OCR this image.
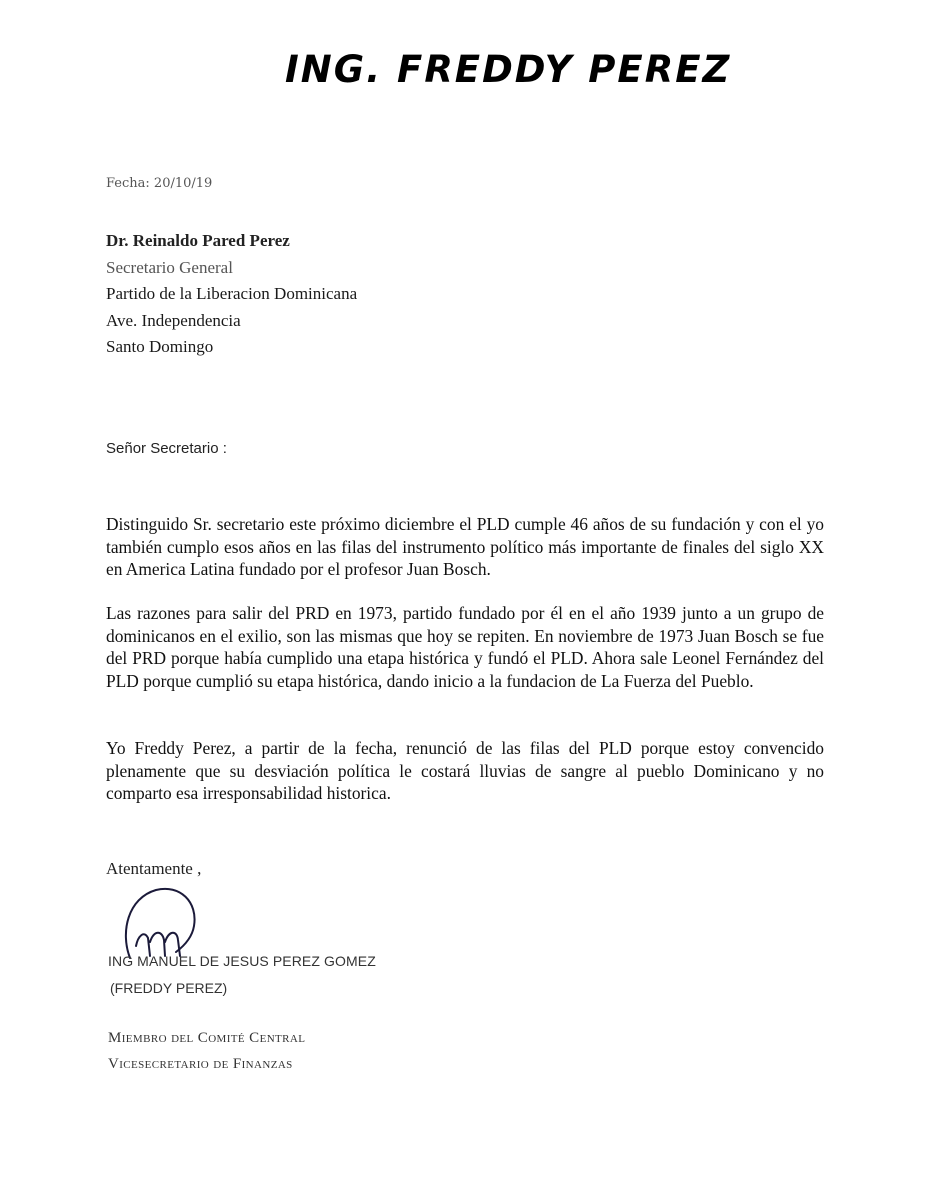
ING. FREDDY PEREZ
Fecha: 20/10/19
Dr. Reinaldo Pared Perez
Secretario General
Partido de la Liberacion Dominicana
Ave. Independencia
Santo Domingo
Señor Secretario :

Distinguido Sr. secretario este próximo diciembre el PLD cumple 46 años de su fundación y con el yo también cumplo esos años en las filas del instrumento político más importante de finales del siglo XX en America Latina fundado por el profesor Juan Bosch.

Las razones para salir del PRD en 1973, partido fundado por él en el año 1939 junto a un grupo de dominicanos en el exilio, son las mismas que hoy se repiten. En noviembre de 1973 Juan Bosch se fue del PRD porque había cumplido una etapa histórica y fundó el PLD. Ahora sale Leonel Fernández del PLD porque cumplió su etapa histórica, dando inicio a la fundacion de La Fuerza del Pueblo.

Yo Freddy Perez, a partir de la fecha, renunció de las filas del PLD porque estoy convencido plenamente que su desviación política le costará lluvias de sangre al pueblo Dominicano y no comparto esa irresponsabilidad historica.

Atentamente ,
ING MANUEL DE JESUS PEREZ GOMEZ
(FREDDY PEREZ)
Miembro del Comité Central
Vicesecretario de Finanzas
